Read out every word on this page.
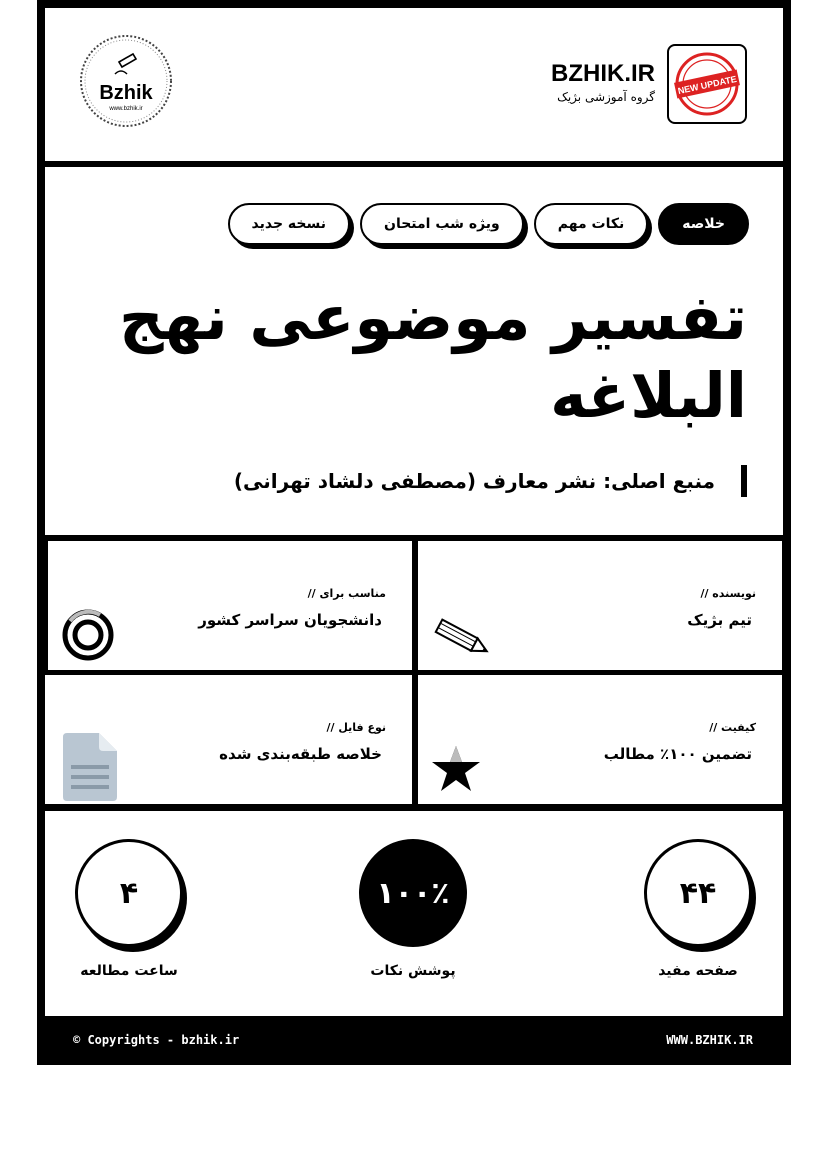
Bzhik
www.bzhik.ir
BZHIK.IR
گروه آموزشی بژیک
NEW UPDATE
خلاصه
نکات مهم
ویژه شب امتحان
نسخه جدید
تفسیر موضوعی نهج البلاغه
منبع اصلی: نشر معارف (مصطفی دلشاد تهرانی)
نویسنده //
تیم بژیک
مناسب برای //
دانشجویان سراسر کشور
کیفیت //
تضمین ۱۰۰٪ مطالب
نوع فایل //
خلاصه طبقه‌بندی شده
۴۴
صفحه مفید
۱۰۰٪
پوشش نکات
۴
ساعت مطالعه
© Copyrights - bzhik.ir	WWW.BZHIK.IR
